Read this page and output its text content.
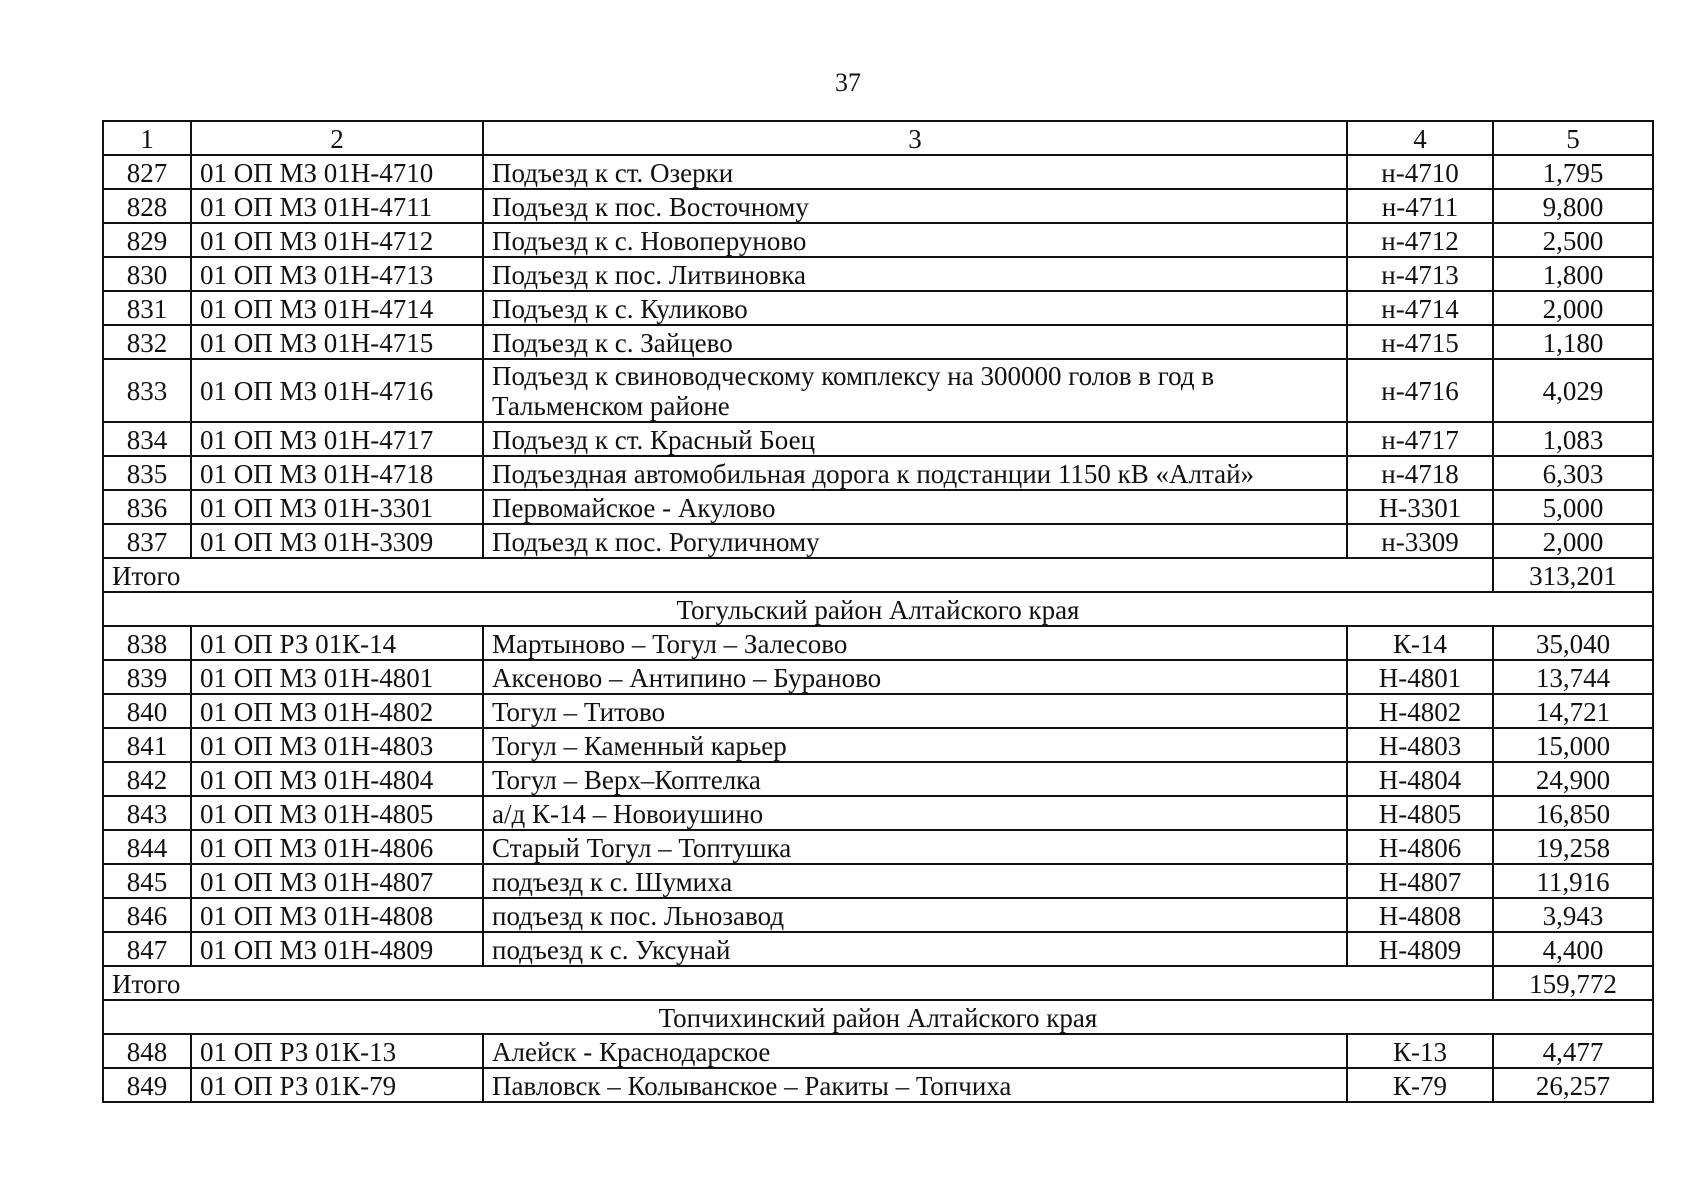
37
1	2	3	4	5
827	01 ОП МЗ 01Н-4710	Подъезд к ст. Озерки	н-4710	1,795
828	01 ОП МЗ 01Н-4711	Подъезд к пос. Восточному	н-4711	9,800
829	01 ОП МЗ 01Н-4712	Подъезд к с. Новоперуново	н-4712	2,500
830	01 ОП МЗ 01Н-4713	Подъезд к пос. Литвиновка	н-4713	1,800
831	01 ОП МЗ 01Н-4714	Подъезд к с. Куликово	н-4714	2,000
832	01 ОП МЗ 01Н-4715	Подъезд к с. Зайцево	н-4715	1,180
833	01 ОП МЗ 01Н-4716	Подъезд к свиноводческому комплексу на 300000 голов в год в Тальменском районе	н-4716	4,029
834	01 ОП МЗ 01Н-4717	Подъезд к ст. Красный Боец	н-4717	1,083
835	01 ОП МЗ 01Н-4718	Подъездная автомобильная дорога к подстанции 1150 кВ «Алтай»	н-4718	6,303
836	01 ОП МЗ 01Н-3301	Первомайское - Акулово	Н-3301	5,000
837	01 ОП МЗ 01Н-3309	Подъезд к пос. Рогуличному	н-3309	2,000
Итого				313,201
Тогульский район Алтайского края				
838	01 ОП РЗ 01К-14	Мартыново – Тогул – Залесово	К-14	35,040
839	01 ОП МЗ 01Н-4801	Аксеново – Антипино – Бураново	Н-4801	13,744
840	01 ОП МЗ 01Н-4802	Тогул – Титово	Н-4802	14,721
841	01 ОП МЗ 01Н-4803	Тогул – Каменный карьер	Н-4803	15,000
842	01 ОП МЗ 01Н-4804	Тогул – Верх–Коптелка	Н-4804	24,900
843	01 ОП МЗ 01Н-4805	а/д К-14 – Новоиушино	Н-4805	16,850
844	01 ОП МЗ 01Н-4806	Старый Тогул – Топтушка	Н-4806	19,258
845	01 ОП МЗ 01Н-4807	подъезд к с. Шумиха	Н-4807	11,916
846	01 ОП МЗ 01Н-4808	подъезд к пос. Льнозавод	Н-4808	3,943
847	01 ОП МЗ 01Н-4809	подъезд к с. Уксунай	Н-4809	4,400
Итого				159,772
Топчихинский район Алтайского края				
848	01 ОП РЗ 01К-13	Алейск - Краснодарское	К-13	4,477
849	01 ОП РЗ 01К-79	Павловск – Колыванское – Ракиты – Топчиха	К-79	26,257
